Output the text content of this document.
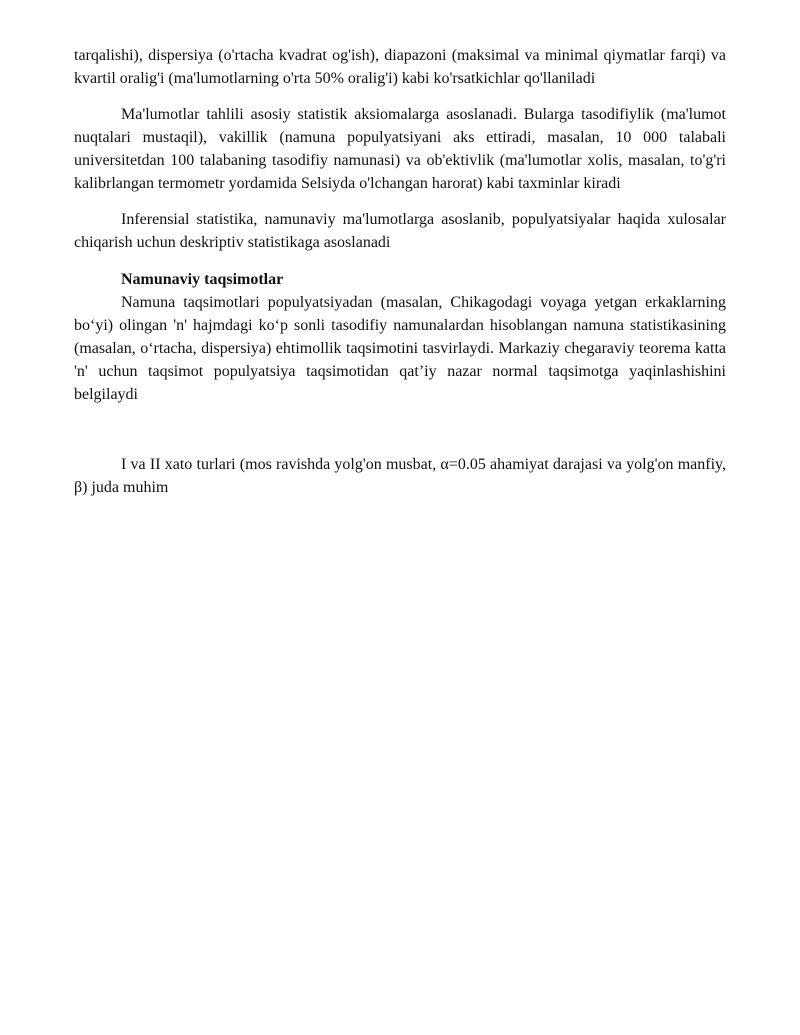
tarqalishi), dispersiya (o'rtacha kvadrat og'ish), diapazoni (maksimal va minimal qiymatlar farqi) va kvartil oralig'i (ma'lumotlarning o'rta 50% oralig'i) kabi ko'rsatkichlar qo'llaniladi

Ma'lumotlar tahlili asosiy statistik aksiomalarga asoslanadi. Bularga tasodifiylik (ma'lumot nuqtalari mustaqil), vakillik (namuna populyatsiyani aks ettiradi, masalan, 10 000 talabali universitetdan 100 talabaning tasodifiy namunasi) va ob'ektivlik (ma'lumotlar xolis, masalan, to'g'ri kalibrlangan termometr yordamida Selsiyda o'lchangan harorat) kabi taxminlar kiradi

Inferensial statistika, namunaviy ma'lumotlarga asoslanib, populyatsiyalar haqida xulosalar chiqarish uchun deskriptiv statistikaga asoslanadi

Namunaviy taqsimotlar

Namuna taqsimotlari populyatsiyadan (masalan, Chikagodagi voyaga yetgan erkaklarning bo‘yi) olingan 'n' hajmdagi ko‘p sonli tasodifiy namunalardan hisoblangan namuna statistikasining (masalan, o‘rtacha, dispersiya) ehtimollik taqsimotini tasvirlaydi. Markaziy chegaraviy teorema katta 'n' uchun taqsimot populyatsiya taqsimotidan qat’iy nazar normal taqsimotga yaqinlashishini belgilaydi

I va II xato turlari (mos ravishda yolg'on musbat, α=0.05 ahamiyat darajasi va yolg'on manfiy, β) juda muhim
